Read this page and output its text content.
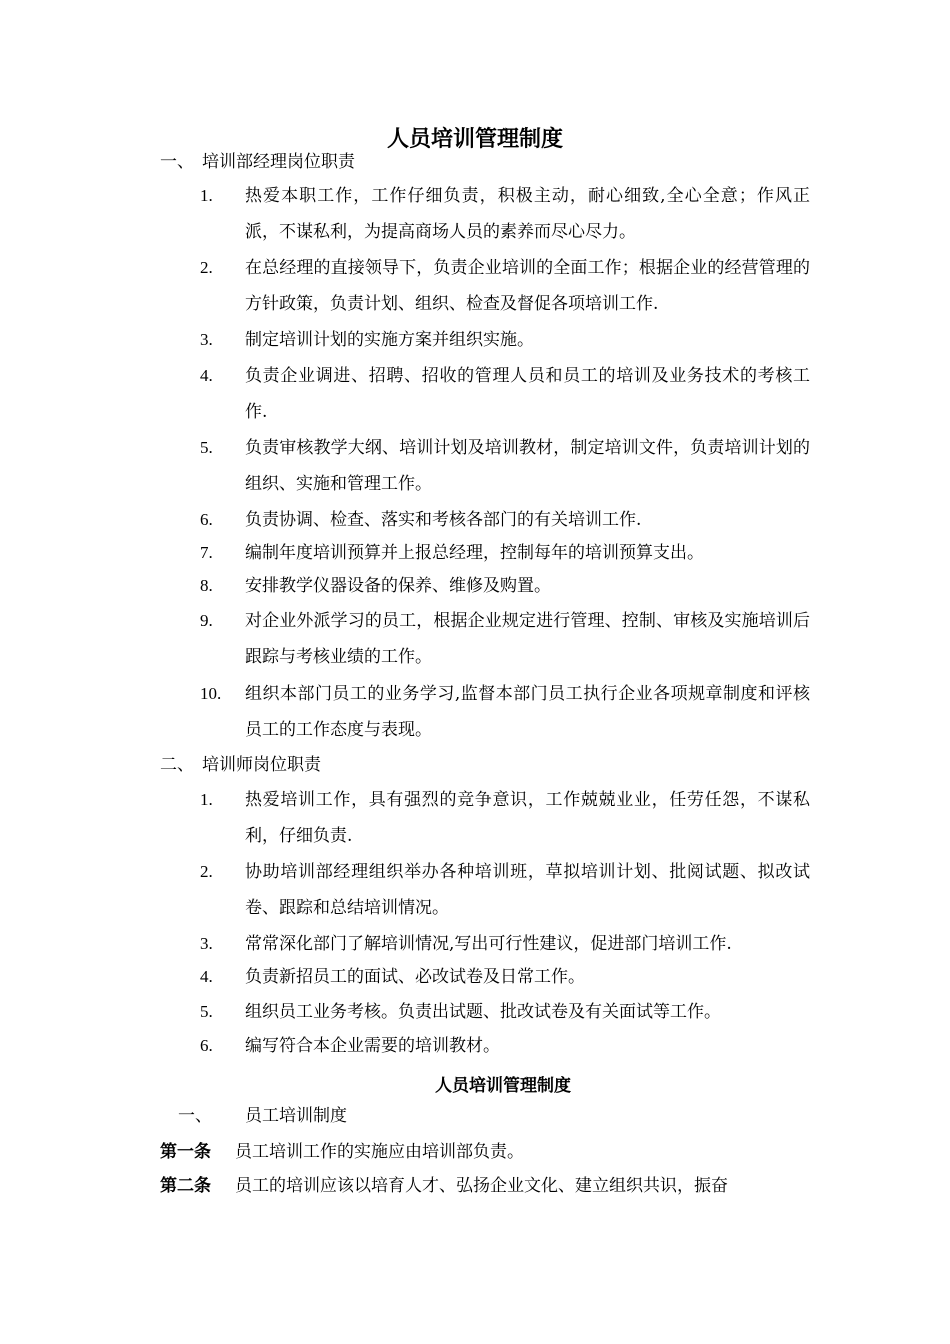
人员培训管理制度
一、 培训部经理岗位职责
1.	热爱本职工作，工作仔细负责，积极主动，耐心细致,全心全意；作风正派，不谋私利，为提高商场人员的素养而尽心尽力。
2.	在总经理的直接领导下，负责企业培训的全面工作；根据企业的经营管理的方针政策，负责计划、组织、检查及督促各项培训工作.
3.	制定培训计划的实施方案并组织实施。
4.	负责企业调进、招聘、招收的管理人员和员工的培训及业务技术的考核工作.
5.	负责审核教学大纲、培训计划及培训教材，制定培训文件，负责培训计划的组织、实施和管理工作。
6.	负责协调、检查、落实和考核各部门的有关培训工作.
7.	编制年度培训预算并上报总经理，控制每年的培训预算支出。
8.	安排教学仪器设备的保养、维修及购置。
9.	对企业外派学习的员工，根据企业规定进行管理、控制、审核及实施培训后跟踪与考核业绩的工作。
10.	组织本部门员工的业务学习,监督本部门员工执行企业各项规章制度和评核员工的工作态度与表现。
二、 培训师岗位职责
1.	热爱培训工作，具有强烈的竞争意识，工作兢兢业业，任劳任怨，不谋私利，仔细负责.
2.	协助培训部经理组织举办各种培训班，草拟培训计划、批阅试题、拟改试卷、跟踪和总结培训情况。
3.	常常深化部门了解培训情况,写出可行性建议，促进部门培训工作.
4.	负责新招员工的面试、必改试卷及日常工作。
5.	组织员工业务考核。负责出试题、批改试卷及有关面试等工作。
6.	编写符合本企业需要的培训教材。
人员培训管理制度
一、 员工培训制度
第一条 员工培训工作的实施应由培训部负责。
第二条 员工的培训应该以培育人才、弘扬企业文化、建立组织共识，振奋
